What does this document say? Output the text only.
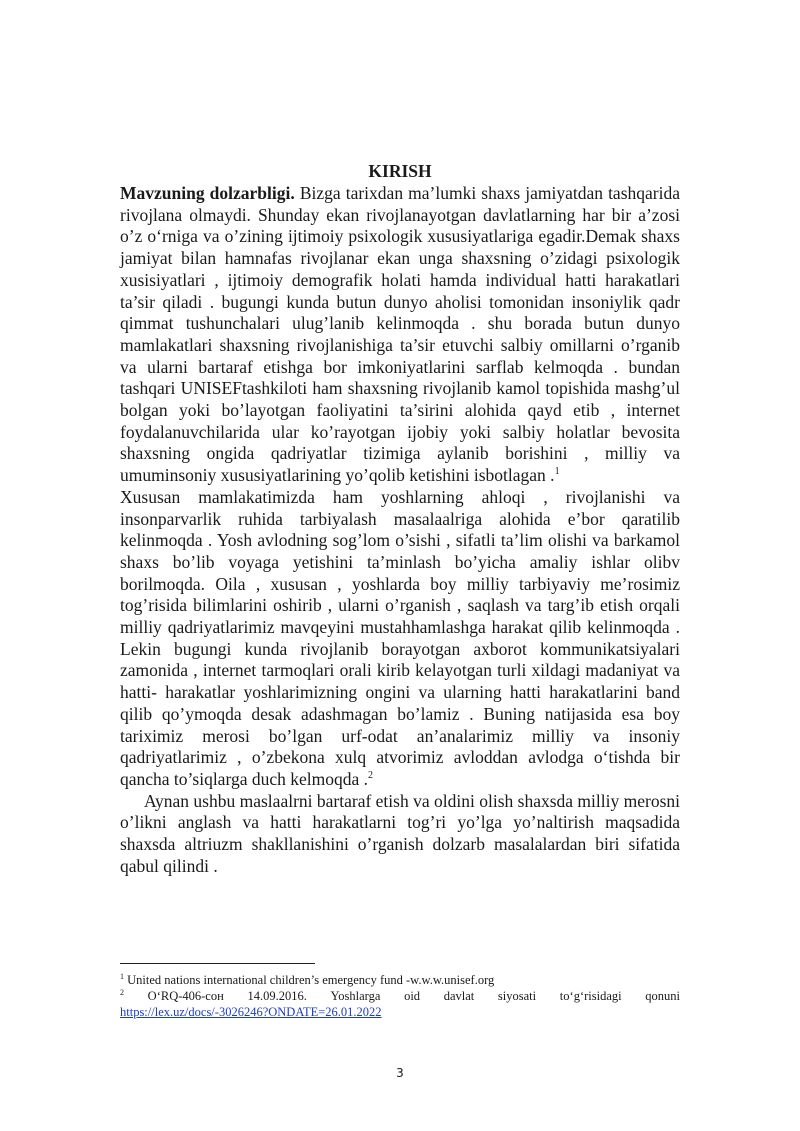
KIRISH

Mavzuning dolzarbligi. Bizga tarixdan ma’lumki shaxs jamiyatdan tashqarida rivojlana olmaydi. Shunday ekan rivojlanayotgan davlatlarning har bir a’zosi o’z o‘rniga va o’zining ijtimoiy psixologik xususiyatlariga egadir.Demak shaxs jamiyat bilan hamnafas rivojlanar ekan unga shaxsning o’zidagi psixologik xusisiyatlari , ijtimoiy demografik holati hamda individual hatti harakatlari ta’sir qiladi . bugungi kunda butun dunyo aholisi tomonidan insoniylik qadr qimmat tushunchalari ulug’lanib kelinmoqda . shu borada butun dunyo mamlakatlari shaxsning rivojlanishiga ta’sir etuvchi salbiy omillarni o’rganib va ularni bartaraf etishga bor imkoniyatlarini sarflab kelmoqda . bundan tashqari UNISEFtashkiloti ham shaxsning rivojlanib kamol topishida mashg’ul bolgan yoki bo’layotgan faoliyatini ta’sirini alohida qayd etib , internet foydalanuvchilarida ular ko’rayotgan ijobiy yoki salbiy holatlar bevosita shaxsning ongida qadriyatlar tizimiga aylanib borishini , milliy va umuminsoniy xususiyatlarining yo’qolib ketishini isbotlagan .$^1$

Xususan mamlakatimizda ham yoshlarning ahloqi , rivojlanishi va insonparvarlik ruhida tarbiyalash masalaalriga alohida e’bor qaratilib kelinmoqda . Yosh avlodning sog’lom o’sishi , sifatli ta’lim olishi va barkamol shaxs bo’lib voyaga yetishini ta’minlash bo’yicha amaliy ishlar olibv borilmoqda. Oila , xususan , yoshlarda boy milliy tarbiyaviy me’rosimiz tog’risida bilimlarini oshirib , ularni o’rganish , saqlash va targ’ib etish orqali milliy qadriyatlarimiz mavqeyini mustahhamlashga harakat qilib kelinmoqda . Lekin bugungi kunda rivojlanib borayotgan axborot kommunikatsiyalari zamonida , internet tarmoqlari orali kirib kelayotgan turli xildagi madaniyat va hatti- harakatlar yoshlarimizning ongini va ularning hatti harakatlarini band qilib qo’ymoqda desak adashmagan bo’lamiz . Buning natijasida esa boy tariximiz merosi bo’lgan urf-odat an’analarimiz milliy va insoniy qadriyatlarimiz , o’zbekona xulq atvorimiz avloddan avlodga o‘tishda bir qancha to’siqlarga duch kelmoqda .$^2$

Aynan ushbu maslaalrni bartaraf etish va oldini olish shaxsda milliy merosni o’likni anglash va hatti harakatlarni tog’ri yo’lga yo’naltirish maqsadida shaxsda altriuzm shakllanishini o’rganish dolzarb masalalardan biri sifatida qabul qilindi .

$^1$ United nations international children’s emergency fund -w.w.w.unisef.org

$^2$ O‘RQ-406-сон 14.09.2016. Yoshlarga oid davlat siyosati to‘g‘risidagi qonuni
https://lex.uz/docs/-3026246?ONDATE=26.01.2022

3
